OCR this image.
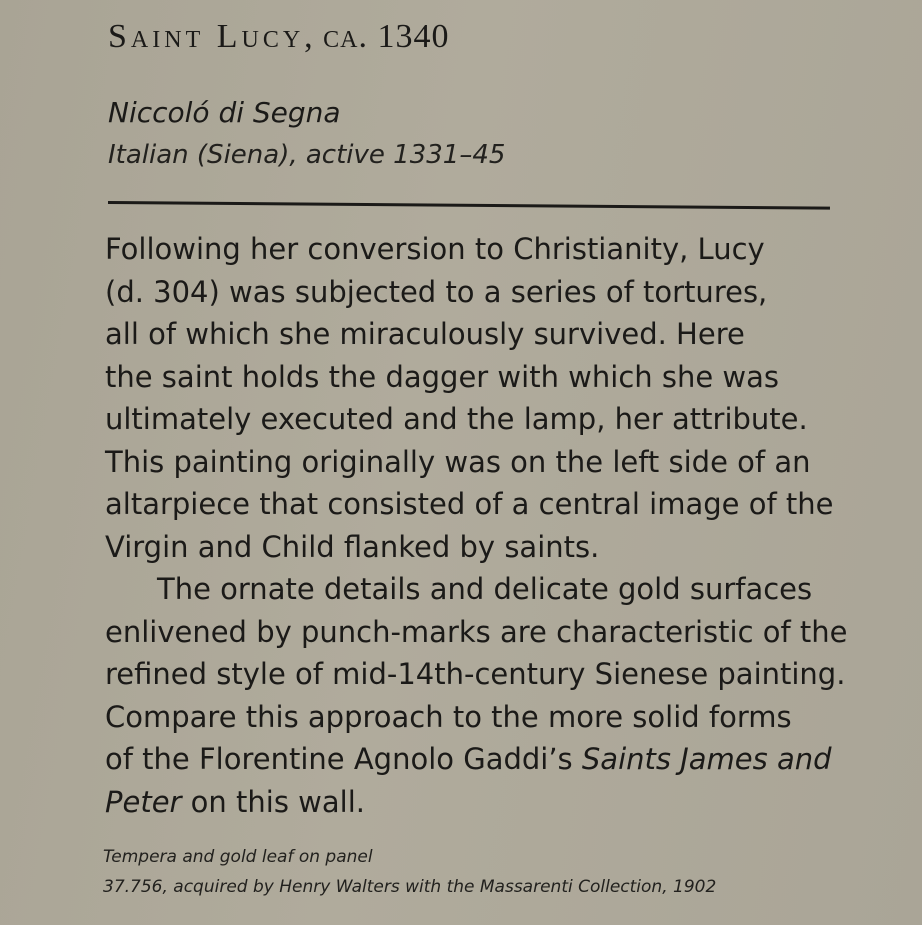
Saint Lucy, ca. 1340
Niccoló di Segna
Italian (Siena), active 1331–45
Following her conversion to Christianity, Lucy
(d. 304) was subjected to a series of tortures,
all of which she miraculously survived. Here
the saint holds the dagger with which she was
ultimately executed and the lamp, her attribute.
This painting originally was on the left side of an
altarpiece that consisted of a central image of the
Virgin and Child flanked by saints.
The ornate details and delicate gold surfaces
enlivened by punch-marks are characteristic of the
refined style of mid-14th-century Sienese painting.
Compare this approach to the more solid forms
of the Florentine Agnolo Gaddi’s Saints James and
Peter on this wall.
Tempera and gold leaf on panel
37.756, acquired by Henry Walters with the Massarenti Collection, 1902
